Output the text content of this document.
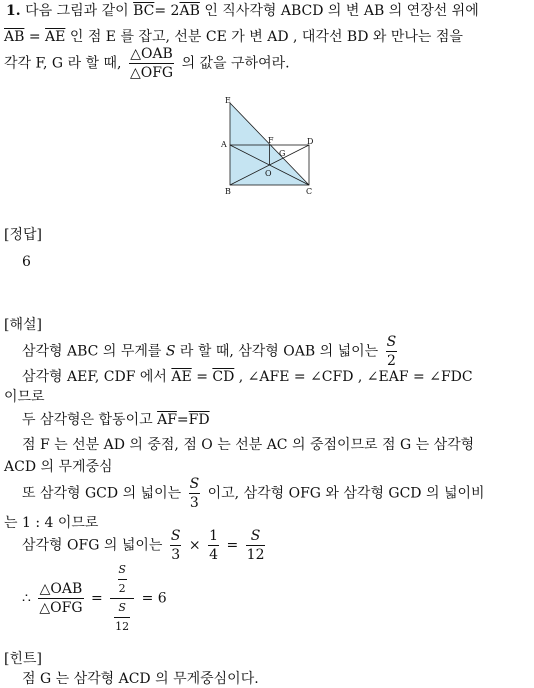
1. 다음 그림과 같이 $\overline{BC}= 2\overline{AB}$ 인 직사각형 ABCD 의 변 AB 의 연장선 위에
$\overline{AB} = \overline{AE}$ 인 점 E 를 잡고, 선분 CE 가 변 AD , 대각선 BD 와 만나는 점을
각각 F, G 라 할 때, $\frac{\text{△OAB}}{\text{△OFG}}$ 의 값을 구하여라.
E
A
B	C
D
F
G
O
[정답]
6
[해설]
삼각형 ABC 의 무게를 S 라 할 때, 삼각형 OAB 의 넓이는 $\frac{S}{2}$
삼각형 AEF, CDF 에서 $\overline{AE} = \overline{CD}$ , ∠AFE = ∠CFD , ∠EAF = ∠FDC
이므로
두 삼각형은 합동이고 $\overline{AF}=\overline{FD}$
점 F 는 선분 AD 의 중점, 점 O 는 선분 AC 의 중점이므로 점 G 는 삼각형
ACD 의 무게중심
또 삼각형 GCD 의 넓이는 $\frac{S}{3}$ 이고, 삼각형 OFG 와 삼각형 GCD 의 넓이비
는 1 : 4 이므로
삼각형 OFG 의 넓이는 $\frac{S}{3} \times \frac{1}{4} = \frac{S}{12}$
∴ $\frac{\text{△OAB}}{\text{△OFG}} = \frac{\frac{S}{2}}{\frac{S}{12}} = 6$
[힌트]
점 G 는 삼각형 ACD 의 무게중심이다.
